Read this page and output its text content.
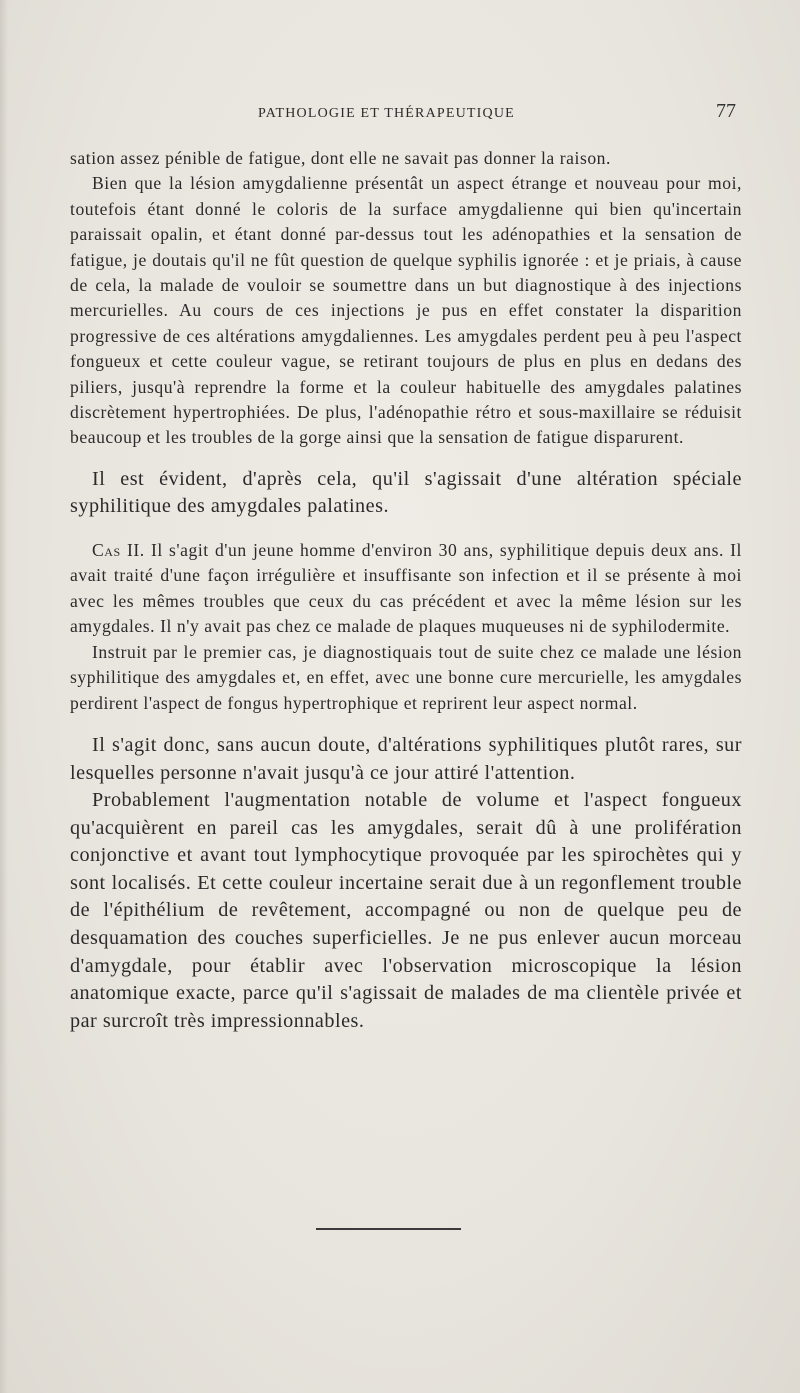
PATHOLOGIE ET THÉRAPEUTIQUE	77

sation assez pénible de fatigue, dont elle ne savait pas donner la raison.

Bien que la lésion amygdalienne présentât un aspect étrange et nouveau pour moi, toutefois étant donné le coloris de la surface amygdalienne qui bien qu'incertain paraissait opalin, et étant donné par-dessus tout les adénopathies et la sensation de fatigue, je doutais qu'il ne fût question de quelque syphilis ignorée : et je priais, à cause de cela, la malade de vouloir se soumettre dans un but diagnostique à des injections mercurielles. Au cours de ces injections je pus en effet constater la disparition progressive de ces altérations amygdaliennes. Les amygdales perdent peu à peu l'aspect fongueux et cette couleur vague, se retirant toujours de plus en plus en dedans des piliers, jusqu'à reprendre la forme et la couleur habituelle des amygdales palatines discrètement hypertrophiées. De plus, l'adénopathie rétro et sous-maxillaire se réduisit beaucoup et les troubles de la gorge ainsi que la sensation de fatigue disparurent.

Il est évident, d'après cela, qu'il s'agissait d'une altération spéciale syphilitique des amygdales palatines.

Cas II. Il s'agit d'un jeune homme d'environ 30 ans, syphilitique depuis deux ans. Il avait traité d'une façon irrégulière et insuffisante son infection et il se présente à moi avec les mêmes troubles que ceux du cas précédent et avec la même lésion sur les amygdales. Il n'y avait pas chez ce malade de plaques muqueuses ni de syphilodermite.

Instruit par le premier cas, je diagnostiquais tout de suite chez ce malade une lésion syphilitique des amygdales et, en effet, avec une bonne cure mercurielle, les amygdales perdirent l'aspect de fongus hypertrophique et reprirent leur aspect normal.

Il s'agit donc, sans aucun doute, d'altérations syphilitiques plutôt rares, sur lesquelles personne n'avait jusqu'à ce jour attiré l'attention.

Probablement l'augmentation notable de volume et l'aspect fongueux qu'acquièrent en pareil cas les amygdales, serait dû à une prolifération conjonctive et avant tout lymphocytique provoquée par les spirochètes qui y sont localisés. Et cette couleur incertaine serait due à un regonflement trouble de l'épithélium de revêtement, accompagné ou non de quelque peu de desquamation des couches superficielles. Je ne pus enlever aucun morceau d'amygdale, pour établir avec l'observation microscopique la lésion anatomique exacte, parce qu'il s'agissait de malades de ma clientèle privée et par surcroît très impressionnables.
